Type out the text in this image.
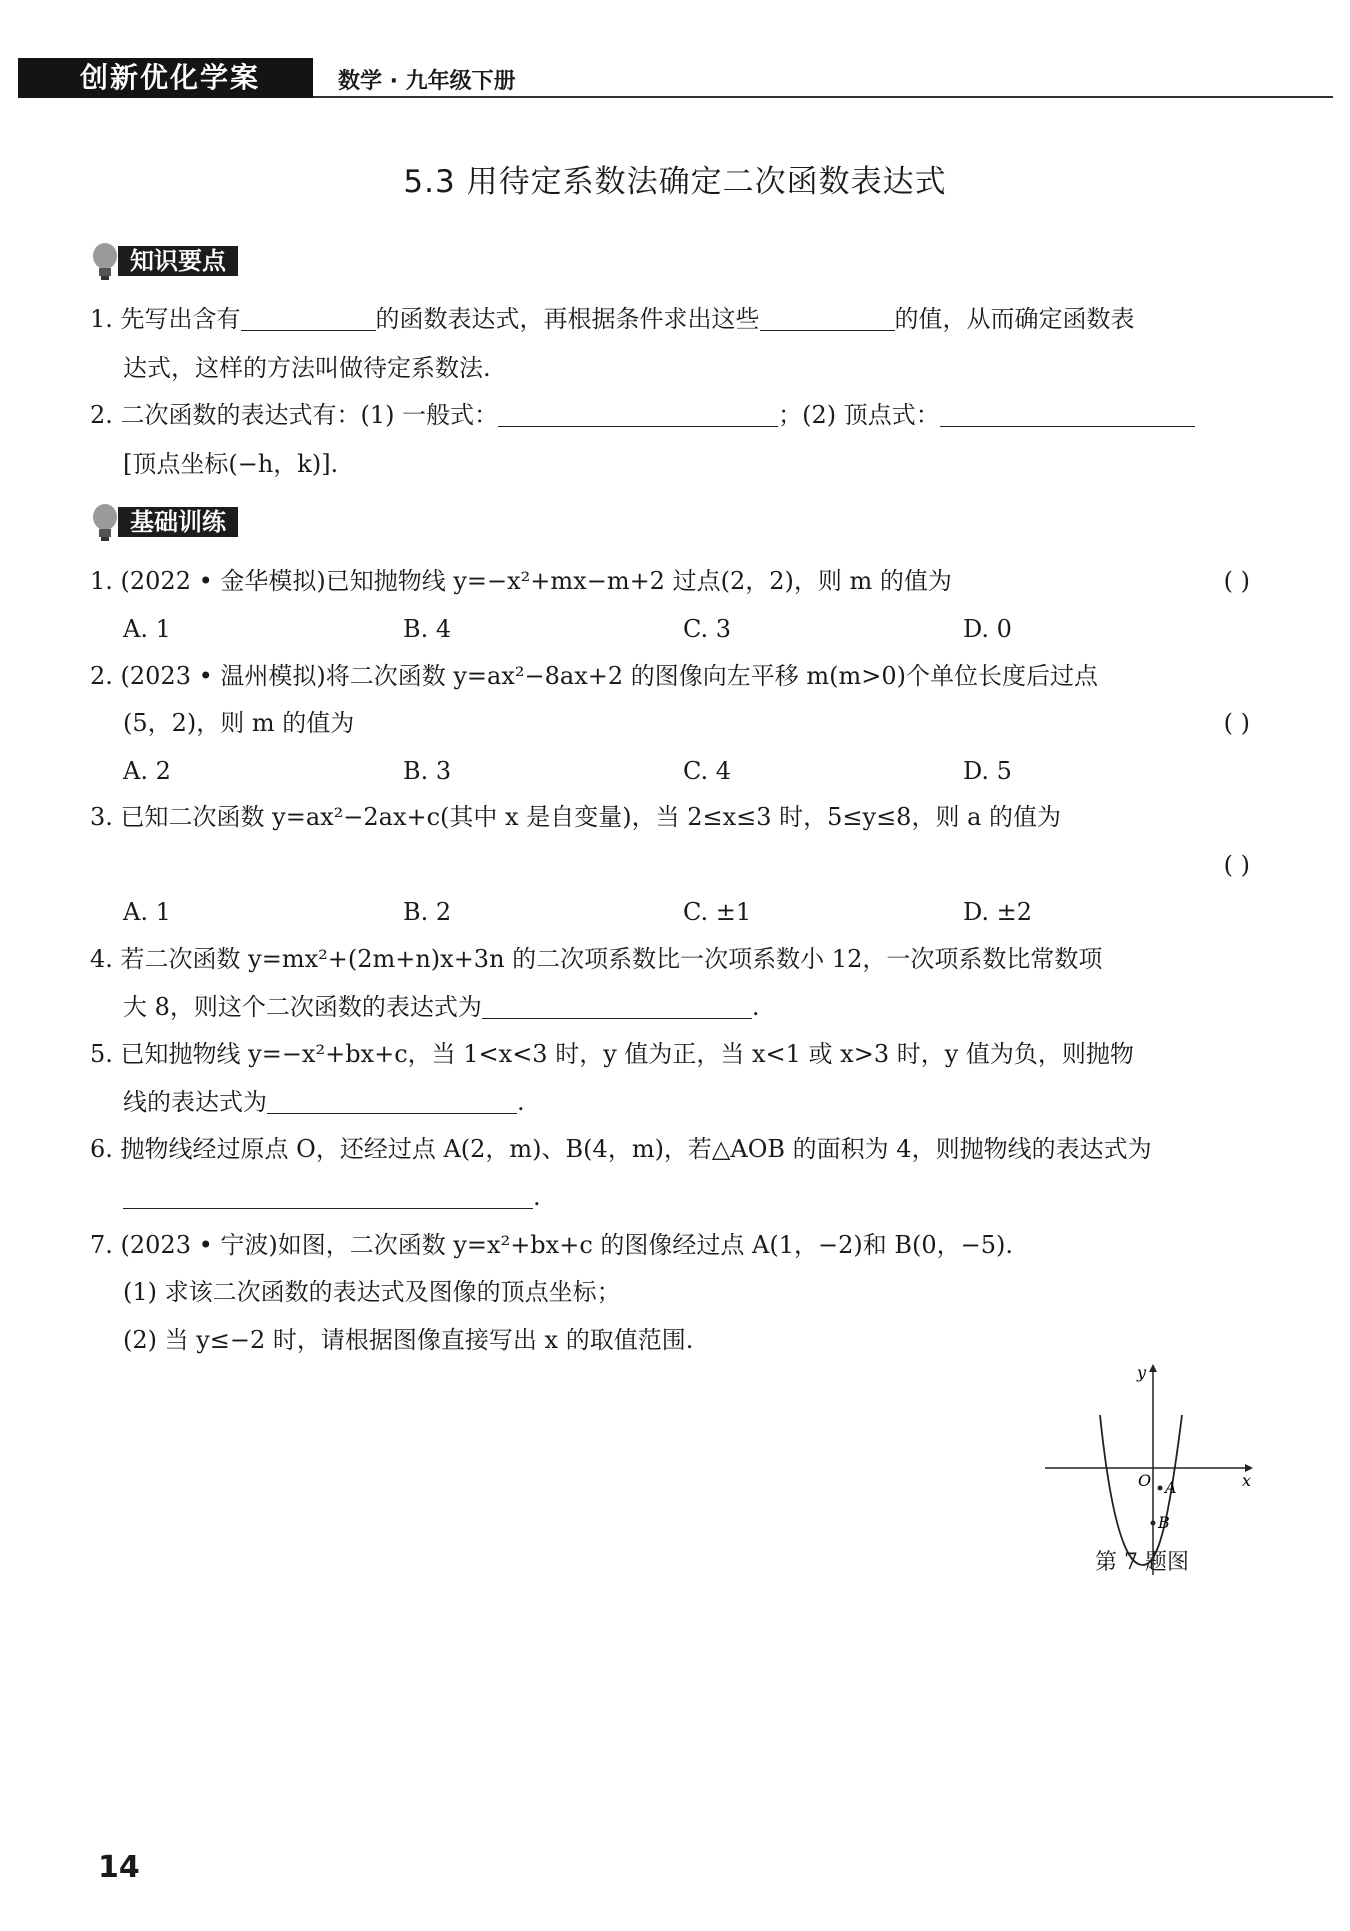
创新优化学案	数学 · 九年级下册
5.3 用待定系数法确定二次函数表达式
知识要点
1. 先写出含有	的函数表达式，再根据条件求出这些	的值，从而确定函数表
达式，这样的方法叫做待定系数法.
2. 二次函数的表达式有：(1) 一般式：	；(2) 顶点式：
[顶点坐标(−h，k)].
基础训练
1. (2022 • 金华模拟)已知抛物线 y=−x²+mx−m+2 过点(2，2)，则 m 的值为	( )
A. 1	B. 4	C. 3	D. 0
2. (2023 • 温州模拟)将二次函数 y=ax²−8ax+2 的图像向左平移 m(m>0)个单位长度后过点
(5，2)，则 m 的值为	( )
A. 2	B. 3	C. 4	D. 5
3. 已知二次函数 y=ax²−2ax+c(其中 x 是自变量)，当 2≤x≤3 时，5≤y≤8，则 a 的值为
( )
A. 1	B. 2	C. ±1	D. ±2
4. 若二次函数 y=mx²+(2m+n)x+3n 的二次项系数比一次项系数小 12，一次项系数比常数项
大 8，则这个二次函数的表达式为	.
5. 已知抛物线 y=−x²+bx+c，当 1<x<3 时，y 值为正，当 x<1 或 x>3 时，y 值为负，则抛物
线的表达式为	.
6. 抛物线经过原点 O，还经过点 A(2，m)、B(4，m)，若△AOB 的面积为 4，则抛物线的表达式为
.
7. (2023 • 宁波)如图，二次函数 y=x²+bx+c 的图像经过点 A(1，−2)和 B(0，−5).
(1) 求该二次函数的表达式及图像的顶点坐标；
(2) 当 y≤−2 时，请根据图像直接写出 x 的取值范围.
x
y
O A
B
第 7 题图
14
